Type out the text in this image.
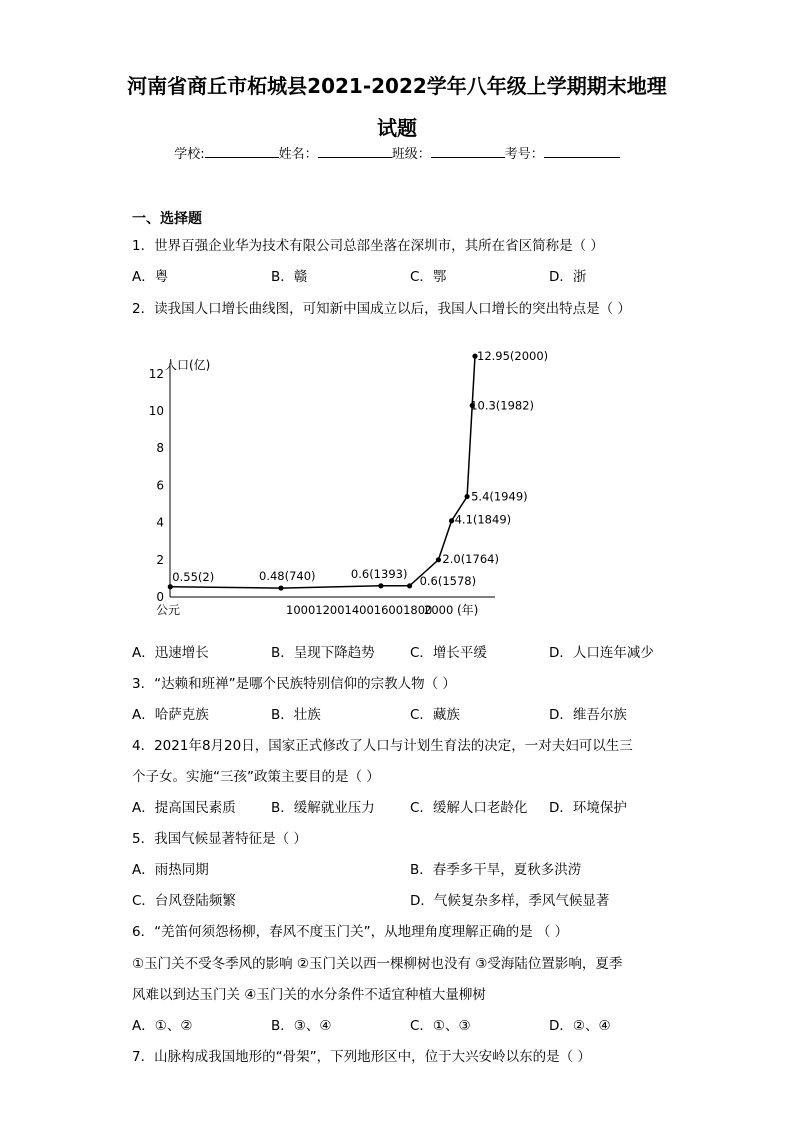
河南省商丘市柘城县2021-2022学年八年级上学期期末地理
试题
学校:	姓名：	班级：	考号：
一、选择题
1．世界百强企业华为技术有限公司总部坐落在深圳市，其所在省区简称是（ ）
A．粤	B．赣	C．鄂	D．浙
2．读我国人口增长曲线图，可知新中国成立以后，我国人口增长的突出特点是（ ）
0
2
4
6
8
10
12
0.55(2)	0.48(740)	0.6(1393) 0.6(1578)
2.0(1764)
4.1(1849)
5.4(1949)
10.3(1982)
12.95(2000)
人口(亿)
公元	10001200140016001800
2000 (年)
A．迅速增长	B．呈现下降趋势	C．增长平缓	D．人口连年减少
3．“达赖和班禅”是哪个民族特别信仰的宗教人物（ ）
A．哈萨克族	B．壮族	C．藏族	D．维吾尔族
4．2021年8月20日，国家正式修改了人口与计划生育法的决定，一对夫妇可以生三
个子女。实施“三孩”政策主要目的是（ ）
A．提高国民素质	B．缓解就业压力	C．缓解人口老龄化 D．环境保护
5．我国气候显著特征是（ ）
A．雨热同期	B．春季多干旱，夏秋多洪涝
C．台风登陆频繁	D．气候复杂多样，季风气候显著
6．“羌笛何须怨杨柳，春风不度玉门关”，从地理角度理解正确的是 （ ）
①玉门关不受冬季风的影响 ②玉门关以西一棵柳树也没有 ③受海陆位置影响，夏季
风难以到达玉门关 ④玉门关的水分条件不适宜种植大量柳树
A．①、②	B．③、④	C．①、③	D．②、④
7．山脉构成我国地形的“骨架”，下列地形区中，位于大兴安岭以东的是（ ）
